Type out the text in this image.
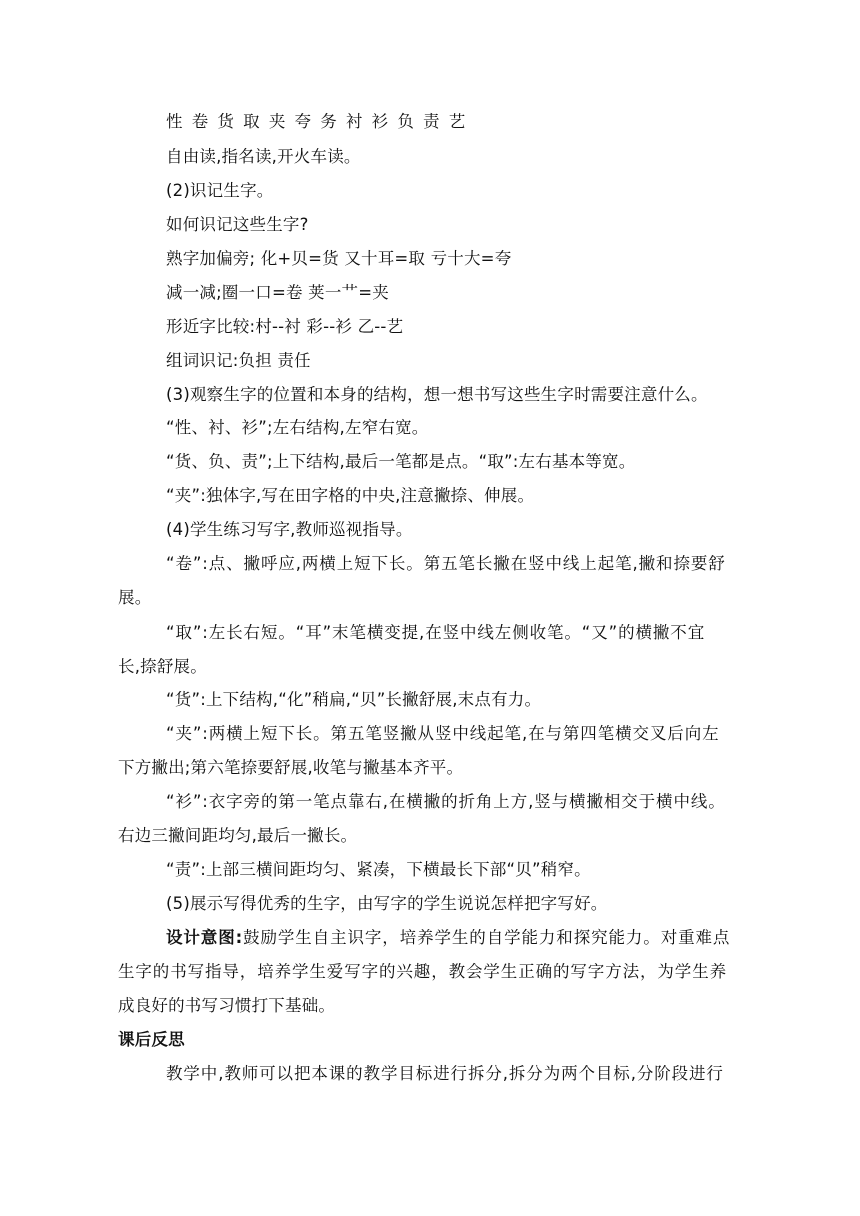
性 卷 货 取 夹 夸 务 衬 衫 负 责 艺
自由读,指名读,开火车读。
(2)识记生字。
如何识记这些生字?
熟字加偏旁; 化+贝=货 又十耳=取 亏十大=夸
减一减;圈一口=卷 荚一艹=夹
形近字比较:村--衬 彩--衫 乙--艺
组词识记:负担 责任
(3)观察生字的位置和本身的结构，想一想书写这些生字时需要注意什么。
“性、衬、衫”;左右结构,左窄右宽。
“货、负、责”;上下结构,最后一笔都是点。“取”:左右基本等宽。
“夹”:独体字,写在田字格的中央,注意撇捺、伸展。
(4)学生练习写字,教师巡视指导。
“卷”:点、撇呼应,两横上短下长。第五笔长撇在竖中线上起笔,撇和捺要舒
展。
“取”:左长右短。“耳”末笔横变提,在竖中线左侧收笔。“又”的横撇不宜
长,捺舒展。
“货”:上下结构,“化”稍扁,“贝”长撇舒展,末点有力。
“夹”:两横上短下长。第五笔竖撇从竖中线起笔,在与第四笔横交叉后向左
下方撇出;第六笔捺要舒展,收笔与撇基本齐平。
“衫”:衣字旁的第一笔点靠右,在横撇的折角上方,竖与横撇相交于横中线。
右边三撇间距均匀,最后一撇长。
“责”:上部三横间距均匀、紧凑，下横最长下部“贝”稍窄。
(5)展示写得优秀的生字，由写字的学生说说怎样把字写好。
设计意图:鼓励学生自主识字，培养学生的自学能力和探究能力。对重难点
生字的书写指导，培养学生爱写字的兴趣，教会学生正确的写字方法，为学生养
成良好的书写习惯打下基础。
课后反思
教学中,教师可以把本课的教学目标进行拆分,拆分为两个目标,分阶段进行
